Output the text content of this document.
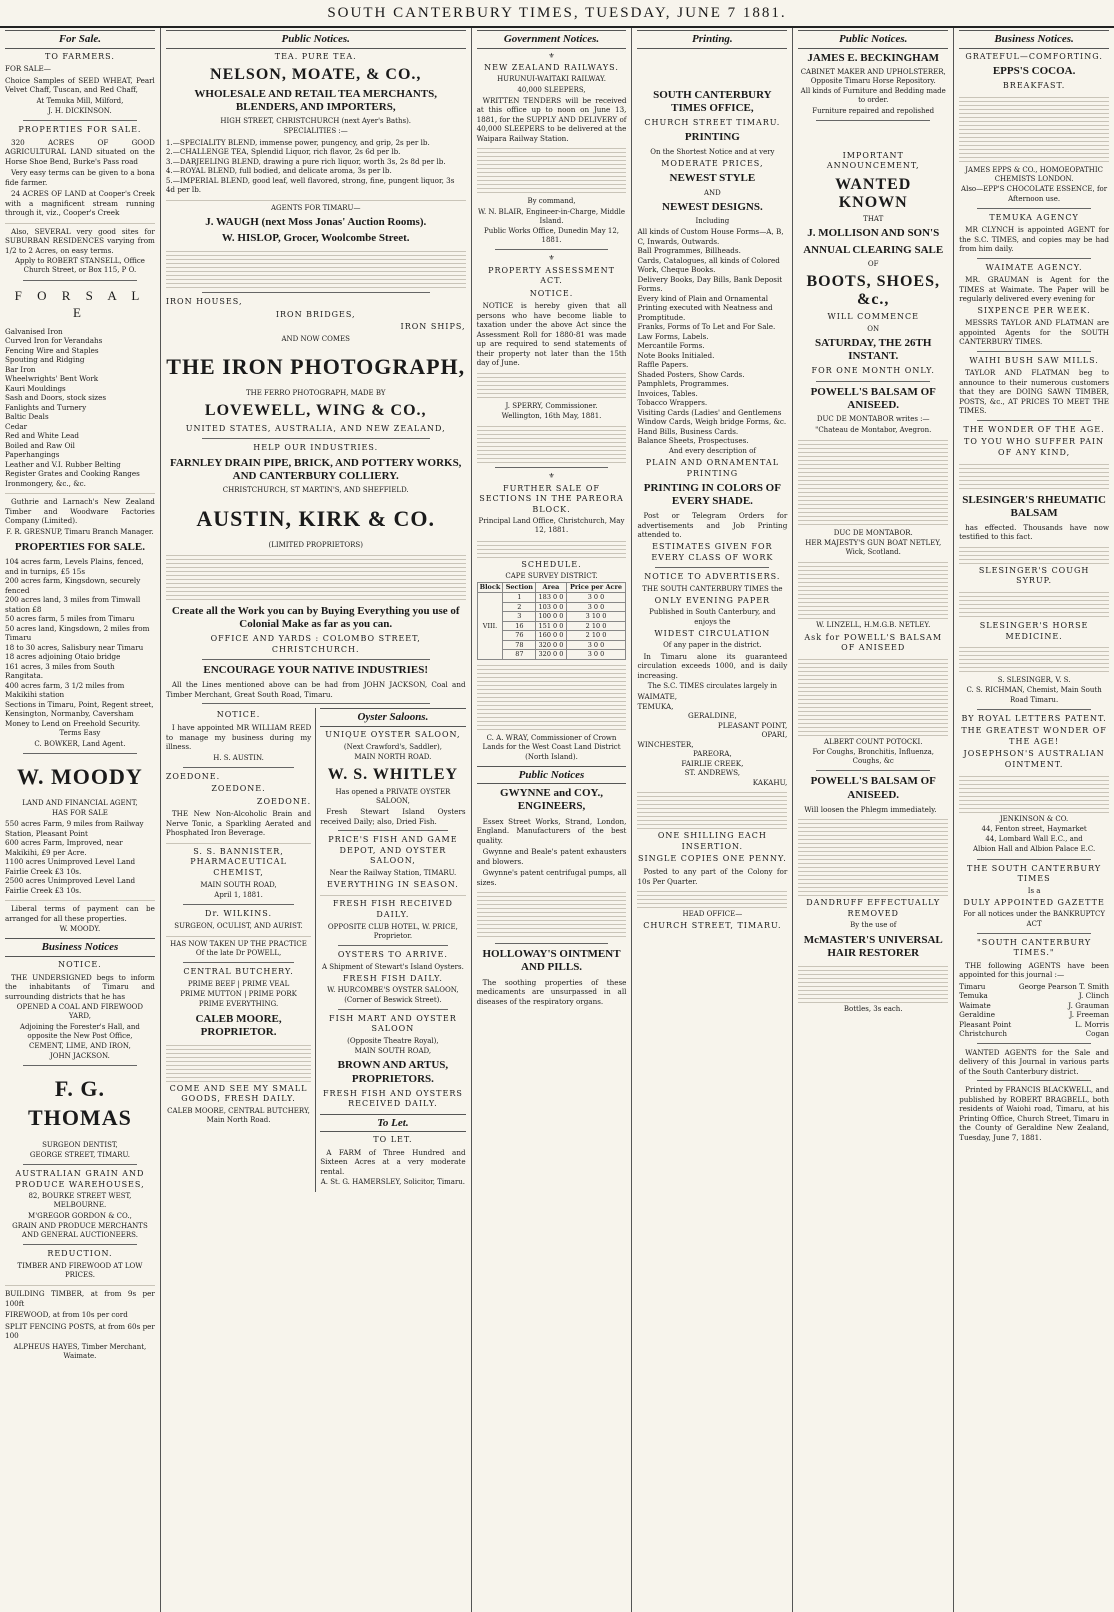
SOUTH CANTERBURY TIMES, TUESDAY, JUNE 7 1881.
For Sale.
TO FARMERS.

FOR SALE—

Choice Samples of SEED WHEAT, Pearl Velvet Chaff, Tuscan, and Red Chaff,

At Temuka Mill, Milford,

J. H. DICKINSON.

PROPERTIES FOR SALE.

320 ACRES OF GOOD AGRICULTURAL LAND situated on the Horse Shoe Bend, Burke's Pass road

Very easy terms can be given to a bona fide farmer.

24 ACRES OF LAND at Cooper's Creek with a magnificent stream running through it, viz., Cooper's Creek

Also, SEVERAL very good sites for SUBURBAN RESIDENCES varying from 1/2 to 2 Acres, on easy terms.

Apply to ROBERT STANSELL, Office Church Street, or Box 115, P O.

F O R S A L E
Galvanised Iron
Curved Iron for Verandahs
Fencing Wire and Staples
Spouting and Ridging
Bar Iron
Wheelwrights' Bent Work
Kauri Mouldings
Sash and Doors, stock sizes
Fanlights and Turnery
Baltic Deals
Cedar
Red and White Lead
Boiled and Raw Oil
Paperhangings
Leather and V.I. Rubber Belting
Register Grates and Cooking Ranges
Ironmongery, &c., &c.

Guthrie and Larnach's New Zealand Timber and Woodware Factories Company (Limited).

F. R. GRESNUP, Timaru Branch Manager.

PROPERTIES FOR SALE.
104 acres farm, Levels Plains, fenced, and in turnips, £5 15s
200 acres farm, Kingsdown, securely fenced
200 acres land, 3 miles from Timwall station £8
50 acres farm, 5 miles from Timaru
50 acres land, Kingsdown, 2 miles from Timaru
18 to 30 acres, Salisbury near Timaru
18 acres adjoining Otaio bridge
161 acres, 3 miles from South Rangitata.
400 acres farm, 3 1/2 miles from Makikihi station
Sections in Timaru, Point, Regent street, Kensington, Normanby, Caversham
Money to Lend on Freehold Security.

Terms Easy

C. BOWKER, Land Agent.

W. MOODY

LAND AND FINANCIAL AGENT,

HAS FOR SALE

550 acres Farm, 9 miles from Railway Station, Pleasant Point
600 acres Farm, Improved, near Makikihi, £9 per Acre.
1100 acres Unimproved Level Land Fairlie Creek £3 10s.
2500 acres Unimproved Level Land Fairlie Creek £3 10s.

Liberal terms of payment can be arranged for all these properties.

W. MOODY.

Business Notices
NOTICE.

THE UNDERSIGNED begs to inform the inhabitants of Timaru and surrounding districts that he has

OPENED A COAL AND FIREWOOD YARD,

Adjoining the Forester's Hall, and opposite the New Post Office,

CEMENT, LIME, AND IRON,

JOHN JACKSON.

F. G. THOMAS

SURGEON DENTIST,

GEORGE STREET, TIMARU.

AUSTRALIAN GRAIN AND PRODUCE WAREHOUSES,

82, BOURKE STREET WEST, MELBOURNE.

M'GREGOR GORDON & CO.,

GRAIN AND PRODUCE MERCHANTS AND GENERAL AUCTIONEERS.

REDUCTION.

TIMBER AND FIREWOOD AT LOW PRICES.

BUILDING TIMBER, at from 9s per 100ft

FIREWOOD, at from 10s per cord

SPLIT FENCING POSTS, at from 60s per 100

ALPHEUS HAYES, Timber Merchant, Waimate.

Public Notices.
TEA. PURE TEA.
NELSON, MOATE, & CO.,
WHOLESALE AND RETAIL TEA MERCHANTS, BLENDERS, AND IMPORTERS,

HIGH STREET, CHRISTCHURCH (next Ayer's Baths).

SPECIALITIES :—

1.—SPECIALITY BLEND, immense power, pungency, and grip, 2s per lb.
2.—CHALLENGE TEA, Splendid Liquor, rich flavor, 2s 6d per lb.
3.—DARJEELING BLEND, drawing a pure rich liquor, worth 3s, 2s 8d per lb.
4.—ROYAL BLEND, full bodied, and delicate aroma, 3s per lb.
5.—IMPERIAL BLEND, good leaf, well flavored, strong, fine, pungent liquor, 3s 4d per lb.

AGENTS FOR TIMARU—

J. WAUGH (next Moss Jonas' Auction Rooms).
W. HISLOP, Grocer, Woolcombe Street.

IRON HOUSES,

IRON BRIDGES,

IRON SHIPS,

AND NOW COMES

THE IRON PHOTOGRAPH,

THE FERRO PHOTOGRAPH, MADE BY

LOVEWELL, WING & CO.,

UNITED STATES, AUSTRALIA, AND NEW ZEALAND,

HELP OUR INDUSTRIES.
FARNLEY DRAIN PIPE, BRICK, AND POTTERY WORKS, AND CANTERBURY COLLIERY.

CHRISTCHURCH, ST MARTIN'S, AND SHEFFIELD.

AUSTIN, KIRK & CO.

(LIMITED PROPRIETORS)

Create all the Work you can by Buying Everything you use of Colonial Make as far as you can.

OFFICE AND YARDS : COLOMBO STREET, CHRISTCHURCH.

ENCOURAGE YOUR NATIVE INDUSTRIES!

All the Lines mentioned above can be had from JOHN JACKSON, Coal and Timber Merchant, Great South Road, Timaru.

NOTICE.

I have appointed MR WILLIAM REED to manage my business during my illness.

H. S. AUSTIN.

ZOEDONE.
ZOEDONE.
ZOEDONE.

THE New Non-Alcoholic Brain and Nerve Tonic, a Sparkling Aerated and Phosphated Iron Beverage.

S. S. BANNISTER, PHARMACEUTICAL CHEMIST,

MAIN SOUTH ROAD,

April 1, 1881.

Dr. WILKINS.

SURGEON, OCULIST, AND AURIST.

HAS NOW TAKEN UP THE PRACTICE Of the late Dr POWELL,

CENTRAL BUTCHERY.

PRIME BEEF | PRIME VEAL

PRIME MUTTON | PRIME PORK

PRIME EVERYTHING.

CALEB MOORE, PROPRIETOR.

COME AND SEE MY SMALL GOODS, FRESH DAILY.

CALEB MOORE, CENTRAL BUTCHERY, Main North Road.

Oyster Saloons.
UNIQUE OYSTER SALOON,

(Next Crawford's, Saddler),

MAIN NORTH ROAD.

W. S. WHITLEY

Has opened a PRIVATE OYSTER SALOON,

Fresh Stewart Island Oysters received Daily; also, Dried Fish.

PRICE'S FISH AND GAME DEPOT, AND OYSTER SALOON,

Near the Railway Station, TIMARU.

EVERYTHING IN SEASON.

FRESH FISH RECEIVED DAILY.

OPPOSITE CLUB HOTEL, W. PRICE, Proprietor.

OYSTERS TO ARRIVE.

A Shipment of Stewart's Island Oysters.

FRESH FISH DAILY.

W. HURCOMBE'S OYSTER SALOON, (Corner of Beswick Street).

FISH MART AND OYSTER SALOON

(Opposite Theatre Royal),

MAIN SOUTH ROAD,

BROWN AND ARTUS, PROPRIETORS.

FRESH FISH AND OYSTERS RECEIVED DAILY.

To Let.
TO LET.

A FARM of Three Hundred and Sixteen Acres at a very moderate rental.

A. St. G. HAMERSLEY, Solicitor, Timaru.

Government Notices.
⚜
NEW ZEALAND RAILWAYS.

HURUNUI-WAITAKI RAILWAY.

40,000 SLEEPERS,

WRITTEN TENDERS will be received at this office up to noon on June 13, 1881, for the SUPPLY AND DELIVERY of 40,000 SLEEPERS to be delivered at the Waipara Railway Station.

By command,

W. N. BLAIR, Engineer-in-Charge, Middle Island.

Public Works Office, Dunedin May 12, 1881.

⚜
PROPERTY ASSESSMENT ACT.

NOTICE.

NOTICE is hereby given that all persons who have become liable to taxation under the above Act since the Assessment Roll for 1880-81 was made up are required to send statements of their property not later than the 15th day of June.

J. SPERRY, Commissioner.

Wellington, 16th May, 1881.

⚜
FURTHER SALE OF SECTIONS IN THE PAREORA BLOCK.

Principal Land Office, Christchurch, May 12, 1881.

SCHEDULE.

CAPE SURVEY DISTRICT.

Block	Section	Area	Price per Acre
VIII.	1	183 0 0	3 0 0
	2	103 0 0	3 0 0
	3	100 0 0	3 10 0
	16	151 0 0	2 10 0
	76	160 0 0	2 10 0
	78	320 0 0	3 0 0
	87	320 0 0	3 0 0

C. A. WRAY, Commissioner of Crown Lands for the West Coast Land District (North Island).

Public Notices
GWYNNE and COY., ENGINEERS,

Essex Street Works, Strand, London, England. Manufacturers of the best quality.

Gwynne and Beale's patent exhausters and blowers.

Gwynne's patent centrifugal pumps, all sizes.

HOLLOWAY'S OINTMENT AND PILLS.

The soothing properties of these medicaments are unsurpassed in all diseases of the respiratory organs.

Printing.
SOUTH CANTERBURY TIMES OFFICE,

CHURCH STREET TIMARU.

PRINTING

On the Shortest Notice and at very

MODERATE PRICES,

NEWEST STYLE

AND

NEWEST DESIGNS.

Including

All kinds of Custom House Forms—A, B, C, Inwards, Outwards.
Ball Programmes, Billheads.
Cards, Catalogues, all kinds of Colored Work, Cheque Books.
Delivery Books, Day Bills, Bank Deposit Forms.
Every kind of Plain and Ornamental Printing executed with Neatness and Promptitude.
Franks, Forms of To Let and For Sale.
Law Forms, Labels.
Mercantile Forms.
Note Books Initialed.
Raffle Papers.
Shaded Posters, Show Cards.
Pamphlets, Programmes.
Invoices, Tables.
Tobacco Wrappers.
Visiting Cards (Ladies' and Gentlemens Window Cards, Weigh bridge Forms, &c.
Hand Bills, Business Cards.
Balance Sheets, Prospectuses.

And every description of

PLAIN AND ORNAMENTAL PRINTING

PRINTING IN COLORS OF EVERY SHADE.

Post or Telegram Orders for advertisements and Job Printing attended to.

ESTIMATES GIVEN FOR EVERY CLASS OF WORK

NOTICE TO ADVERTISERS.

THE SOUTH CANTERBURY TIMES the

ONLY EVENING PAPER

Published in South Canterbury, and enjoys the

WIDEST CIRCULATION

Of any paper in the district.

In Timaru alone its guaranteed circulation exceeds 1000, and is daily increasing.

The S.C. TIMES circulates largely in

WAIMATE,
TEMUKA,
GERALDINE,
PLEASANT POINT,
OPARI,
WINCHESTER,
PAREORA,
FAIRLIE CREEK,
ST. ANDREWS,
KAKAHU,

ONE SHILLING EACH INSERTION.

SINGLE COPIES ONE PENNY.

Posted to any part of the Colony for 10s Per Quarter.

HEAD OFFICE—

CHURCH STREET, TIMARU.

Public Notices.
JAMES E. BECKINGHAM

CABINET MAKER AND UPHOLSTERER, Opposite Timaru Horse Repository.

All kinds of Furniture and Bedding made to order.

Furniture repaired and repolished

IMPORTANT ANNOUNCEMENT,
WANTED KNOWN

THAT

J. MOLLISON AND SON'S
ANNUAL CLEARING SALE

OF

BOOTS, SHOES, &c.,

WILL COMMENCE

ON

SATURDAY, THE 26TH INSTANT.

FOR ONE MONTH ONLY.

POWELL'S BALSAM OF ANISEED.

DUC DE MONTABOR writes :—

"Chateau de Montabor, Avegron.

DUC DE MONTABOR.

HER MAJESTY'S GUN BOAT NETLEY, Wick, Scotland.

W. LINZELL, H.M.G.B. NETLEY.

Ask for POWELL'S BALSAM OF ANISEED

ALBERT COUNT POTOCKI.

For Coughs, Bronchitis, Influenza, Coughs, &c

POWELL'S BALSAM OF ANISEED.

Will loosen the Phlegm immediately.

DANDRUFF EFFECTUALLY REMOVED

By the use of

McMASTER'S UNIVERSAL HAIR RESTORER

Bottles, 3s each.

Business Notices.
GRATEFUL—COMFORTING.
EPPS'S COCOA.

BREAKFAST.

JAMES EPPS & CO., HOMOEOPATHIC CHEMISTS LONDON.

Also—EPP'S CHOCOLATE ESSENCE, for Afternoon use.

TEMUKA AGENCY

MR CLYNCH is appointed AGENT for the S.C. TIMES, and copies may be had from him daily.

WAIMATE AGENCY.

MR. GRAUMAN is Agent for the TIMES at Waimate. The Paper will be regularly delivered every evening for

SIXPENCE PER WEEK.

MESSRS TAYLOR AND FLATMAN are appointed Agents for the SOUTH CANTERBURY TIMES.

WAIHI BUSH SAW MILLS.

TAYLOR AND FLATMAN beg to announce to their numerous customers that they are DOING SAWN TIMBER, POSTS, &c., AT PRICES TO MEET THE TIMES.

THE WONDER OF THE AGE.

TO YOU WHO SUFFER PAIN OF ANY KIND,

SLESINGER'S RHEUMATIC BALSAM

has effected. Thousands have now testified to this fact.

SLESINGER'S COUGH SYRUP.

SLESINGER'S HORSE MEDICINE.

S. SLESINGER, V. S.

C. S. RICHMAN, Chemist, Main South Road Timaru.

BY ROYAL LETTERS PATENT.

THE GREATEST WONDER OF THE AGE!

JOSEPHSON'S AUSTRALIAN OINTMENT.

JENKINSON & CO.

44, Fenton street, Haymarket

44, Lombard Wall E.C., and

Albion Hall and Albion Palace E.C.

THE SOUTH CANTERBURY TIMES

Is a

DULY APPOINTED GAZETTE

For all notices under the BANKRUPTCY ACT

"SOUTH CANTERBURY TIMES."

THE following AGENTS have been appointed for this journal :—

Timaru	George Pearson T. Smith
Temuka	J. Clinch
Waimate	J. Grauman
Geraldine	J. Freeman
Pleasant Point	L. Morris
Christchurch	Cogan

WANTED AGENTS for the Sale and delivery of this Journal in various parts of the South Canterbury district.

Printed by FRANCIS BLACKWELL, and published by ROBERT BRAGBELL, both residents of Waiohi road, Timaru, at his Printing Office, Church Street, Timaru in the County of Geraldine New Zealand, Tuesday, June 7, 1881.
